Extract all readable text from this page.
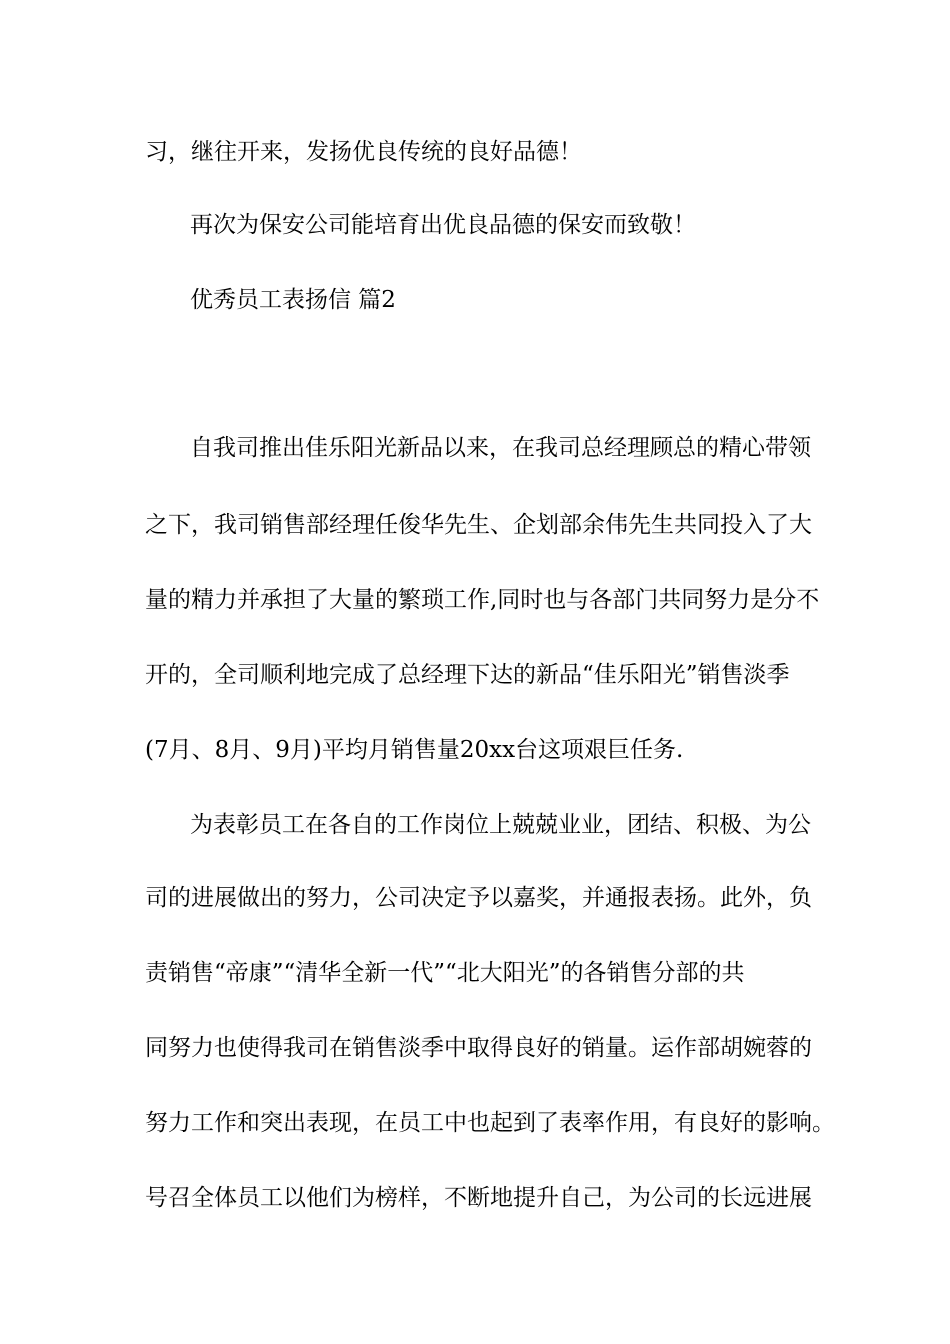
习，继往开来，发扬优良传统的良好品德！
再次为保安公司能培育出优良品德的保安而致敬！
优秀员工表扬信 篇2
自我司推出佳乐阳光新品以来，在我司总经理顾总的精心带领
之下，我司销售部经理任俊华先生、企划部余伟先生共同投入了大
量的精力并承担了大量的繁琐工作,同时也与各部门共同努力是分不
开的，全司顺利地完成了总经理下达的新品“佳乐阳光”销售淡季
(7月、8月、9月)平均月销售量20xx台这项艰巨任务.
为表彰员工在各自的工作岗位上兢兢业业，团结、积极、为公
司的进展做出的努力，公司决定予以嘉奖，并通报表扬。此外，负
责销售“帝康”“清华全新一代”“北大阳光”的各销售分部的共
同努力也使得我司在销售淡季中取得良好的销量。运作部胡婉蓉的
努力工作和突出表现，在员工中也起到了表率作用，有良好的影响。
号召全体员工以他们为榜样，不断地提升自己，为公司的长远进展
